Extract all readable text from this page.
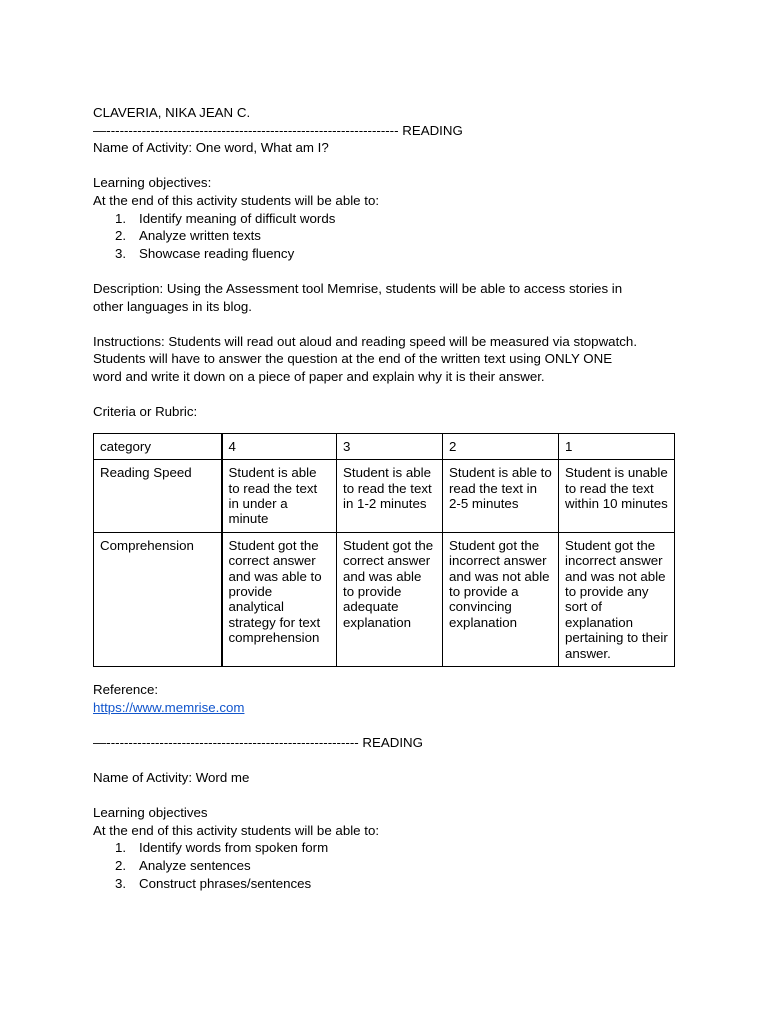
CLAVERIA, NIKA JEAN C.
—------------------------------------------------------------------ READING
Name of Activity: One word, What am I?
Learning objectives:
At the end of this activity students will be able to:
1. Identify meaning of difficult words
2. Analyze written texts
3. Showcase reading fluency
Description: Using the Assessment tool Memrise, students will be able to access stories in
other languages in its blog.
Instructions: Students will read out aloud and reading speed will be measured via stopwatch.
Students will have to answer the question at the end of the written text using ONLY ONE
word and write it down on a piece of paper and explain why it is their answer.
Criteria or Rubric:
category	4	3	2	1
Reading Speed	Student is able to read the text in under a minute	Student is able to read the text in 1-2 minutes	Student is able to read the text in 2-5 minutes	Student is unable to read the text within 10 minutes
Comprehension	Student got the correct answer and was able to provide analytical strategy for text comprehension	Student got the correct answer and was able to provide adequate explanation	Student got the incorrect answer and was not able to provide a convincing explanation	Student got the incorrect answer and was not able to provide any sort of explanation pertaining to their answer.
Reference:
https://www.memrise.com
—--------------------------------------------------------- READING
Name of Activity: Word me
Learning objectives
At the end of this activity students will be able to:
1. Identify words from spoken form
2. Analyze sentences
3. Construct phrases/sentences
